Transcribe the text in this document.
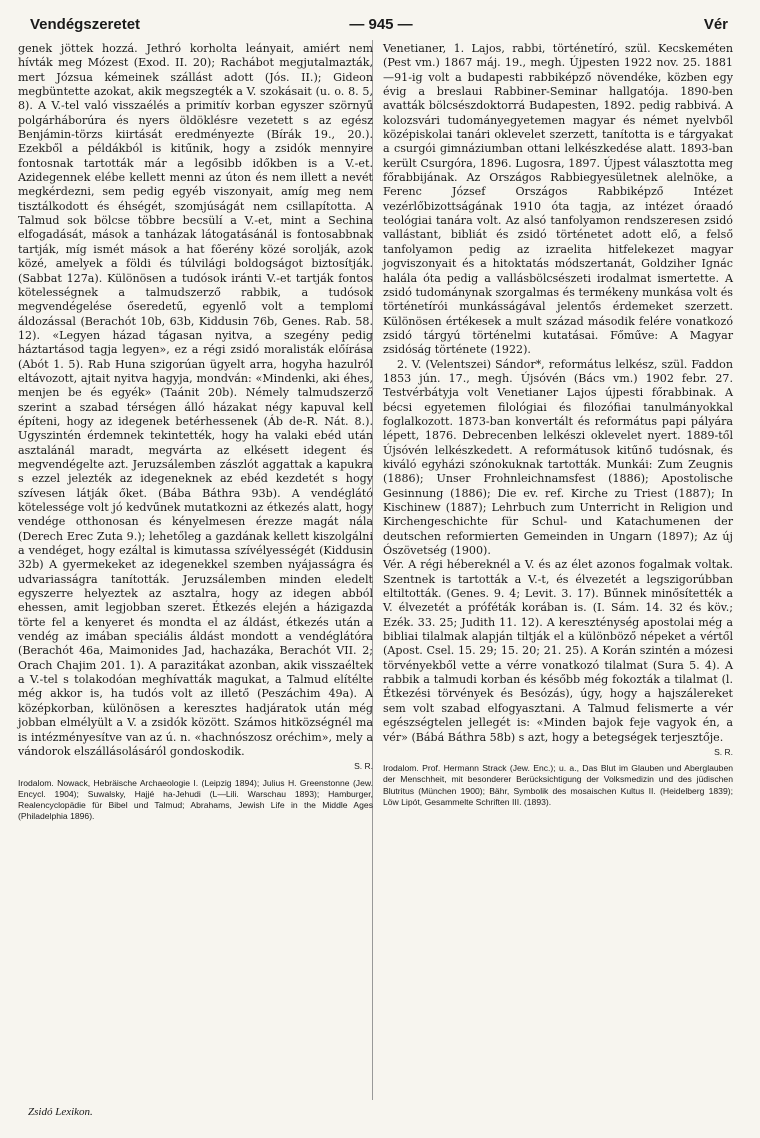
Vendégszeretet	— 945 —	Vér

genek jöttek hozzá. Jethró korholta leányait, amiért nem hívták meg Mózest (Exod. II. 20); Rachábot megjutalmazták, mert Józsua kémeinek szállást adott (Jós. II.); Gideon megbüntette azokat, akik megszegték a V. szokásait (u. o. 8. 5, 8). A V.-tel való visszaélés a primitív korban egyszer szörnyű polgárháborúra és nyers öldöklésre vezetett s az egész Benjámin-törzs kiirtását eredményezte (Bírák 19., 20.). Ezekből a példákból is kitűnik, hogy a zsidók mennyire fontosnak tartották már a legősibb időkben is a V.-et. Azidegennek elébe kellett menni az úton és nem illett a nevét megkérdezni, sem pedig egyéb viszonyait, amíg meg nem tisztálkodott és éhségét, szomjúságát nem csillapította. A Talmud sok bölcse többre becsülí a V.-et, mint a Sechina elfogadását, mások a tanházak látogatásánál is fontosabbnak tartják, míg ismét mások a hat főerény közé sorolják, azok közé, amelyek a földi és túlvilági boldogságot biztosítják. (Sabbat 127a). Különösen a tudósok iránti V.-et tartják fontos kötelességnek a talmudszerző rabbik, a tudósok megvendégelése őseredetű, egyenlő volt a templomi áldozással (Berachót 10b, 63b, Kiddusin 76b, Genes. Rab. 58. 12). «Legyen házad tágasan nyitva, a szegény pedig háztartásod tagja legyen», ez a régi zsidó moralisták előírása (Abót 1. 5). Rab Huna szigorúan ügyelt arra, hogyha hazulról eltávozott, ajtait nyitva hagyja, mondván: «Mindenki, aki éhes, menjen be és egyék» (Taánit 20b). Némely talmudszerző szerint a szabad térségen álló házakat négy kapuval kell építeni, hogy az idegenek betérhessenek (Áb de-R. Nát. 8.). Ugyszintén érdemnek tekintették, hogy ha valaki ebéd után asztalánál maradt, megvárta az elkésett idegent és megvendégelte azt. Jeruzsálemben zászlót aggattak a kapukra s ezzel jelezték az idegeneknek az ebéd kezdetét s hogy szívesen látják őket. (Bába Báthra 93b). A vendéglátó kötelessége volt jó kedvűnek mutatkozni az étkezés alatt, hogy vendége otthonosan és kényelmesen érezze magát nála (Derech Erec Zuta 9.); lehetőleg a gazdának kellett kiszolgálni a vendéget, hogy ezáltal is kimutassa szívélyességét (Kiddusin 32b) A gyermekeket az idegenekkel szemben nyájasságra és udvariasságra tanították. Jeruzsálemben minden eledelt egyszerre helyeztek az asztalra, hogy az idegen abból ehessen, amit legjobban szeret. Étkezés elején a házigazda törte fel a kenyeret és mondta el az áldást, étkezés után a vendég az imában speciális áldást mondott a vendéglátóra (Berachót 46a, Maimonides Jad, hachazáka, Berachót VII. 2; Orach Chajim 201. 1). A parazitákat azonban, akik visszaéltek a V.-tel s tolakodóan meghívatták magukat, a Talmud elítélte még akkor is, ha tudós volt az illető (Peszáchim 49a). A középkorban, különösen a keresztes hadjáratok után még jobban elmélyült a V. a zsidók között. Számos hitközségnél ma is intézményesítve van az ú. n. «hachnószosz oréchim», mely a vándorok elszállásolásáról gondoskodik.

S. R.

Irodalom. Nowack, Hebräische Archaeologie I. (Leipzig 1894); Julius H. Greenstonne (Jew. Encycl. 1904); Suwalsky, Hajjé ha-Jehudi (L—Lili. Warschau 1893); Hamburger, Realencyclopädie für Bibel und Talmud; Abrahams, Jewish Life in the Middle Ages (Philadelphia 1896).

Venetianer, 1. Lajos, rabbi, történetíró, szül. Kecskeméten (Pest vm.) 1867 máj. 19., megh. Újpesten 1922 nov. 25. 1881—91-ig volt a budapesti rabbiképző növendéke, közben egy évig a breslaui Rabbiner-Seminar hallgatója. 1890-ben avatták bölcsészdoktorrá Budapesten, 1892. pedig rabbivá. A kolozsvári tudományegyetemen magyar és német nyelvből középiskolai tanári oklevelet szerzett, tanította is e tárgyakat a csurgói gimnáziumban ottani lelkészkedése alatt. 1893-ban került Csurgóra, 1896. Lugosra, 1897. Újpest választotta meg főrabbijának. Az Országos Rabbiegyesületnek alelnöke, a Ferenc József Országos Rabbiképző Intézet vezérlőbizottságának 1910 óta tagja, az intézet óraadó teológiai tanára volt. Az alsó tanfolyamon rendszeresen zsidó vallástant, bibliát és zsidó történetet adott elő, a felső tanfolyamon pedig az izraelita hitfelekezet magyar jogviszonyait és a hitoktatás módszertanát, Goldziher Ignác halála óta pedig a vallásbölcsészeti irodalmat ismertette. A zsidó tudománynak szorgalmas és termékeny munkása volt és történetírói munkásságával jelentős érdemeket szerzett. Különösen értékesek a mult század második felére vonatkozó zsidó tárgyú történelmi kutatásai. Főműve: A Magyar zsidóság története (1922).

2. V. (Velentszei) Sándor*, református lelkész, szül. Faddon 1853 jún. 17., megh. Újsóvén (Bács vm.) 1902 febr. 27. Testvérbátyja volt Venetianer Lajos újpesti főrabbinak. A bécsi egyetemen filológiai és filozófiai tanulmányokkal foglalkozott. 1873-ban konvertált és református papi pályára lépett, 1876. Debrecenben lelkészi oklevelet nyert. 1889-től Újsóvén lelkészkedett. A reformátusok kitűnő tudósnak, és kiváló egyházi szónokuknak tartották. Munkái: Zum Zeugnis (1886); Unser Frohnleichnamsfest (1886); Apostolische Gesinnung (1886); Die ev. ref. Kirche zu Triest (1887); In Kischinew (1887); Lehrbuch zum Unterricht in Religion und Kirchengeschichte für Schul- und Katachumenen der deutschen reformierten Gemeinden in Ungarn (1897); Az új Ószövetség (1900).

Vér. A régi hébereknél a V. és az élet azonos fogalmak voltak. Szentnek is tartották a V.-t, és élvezetét a legszigorúbban eltiltották. (Genes. 9. 4; Levit. 3. 17). Bűnnek minősítették a V. élvezetét a próféták korában is. (I. Sám. 14. 32 és köv.; Ezék. 33. 25; Judith 11. 12). A kereszténység apostolai még a bibliai tilalmak alapján tiltják el a különböző népeket a vértől (Apost. Csel. 15. 29; 15. 20; 21. 25). A Korán szintén a mózesi törvényekből vette a vérre vonatkozó tilalmat (Sura 5. 4). A rabbik a talmudi korban és később még fokozták a tilalmat (l. Étkezési törvények és Besózás), úgy, hogy a hajszálereket sem volt szabad elfogyasztani. A Talmud felismerte a vér egészségtelen jellegét is: «Minden bajok feje vagyok én, a vér» (Bábá Báthra 58b) s azt, hogy a betegségek terjesztője.

S. R.

Irodalom. Prof. Hermann Strack (Jew. Enc.); u. a., Das Blut im Glauben und Aberglauben der Menschheit, mit besonderer Berücksichtigung der Volksmedizin und des jüdischen Blutritus (München 1900); Bähr, Symbolik des mosaischen Kultus II. (Heidelberg 1839); Löw Lipót, Gesammelte Schriften III. (1893).

Zsidó Lexikon.
